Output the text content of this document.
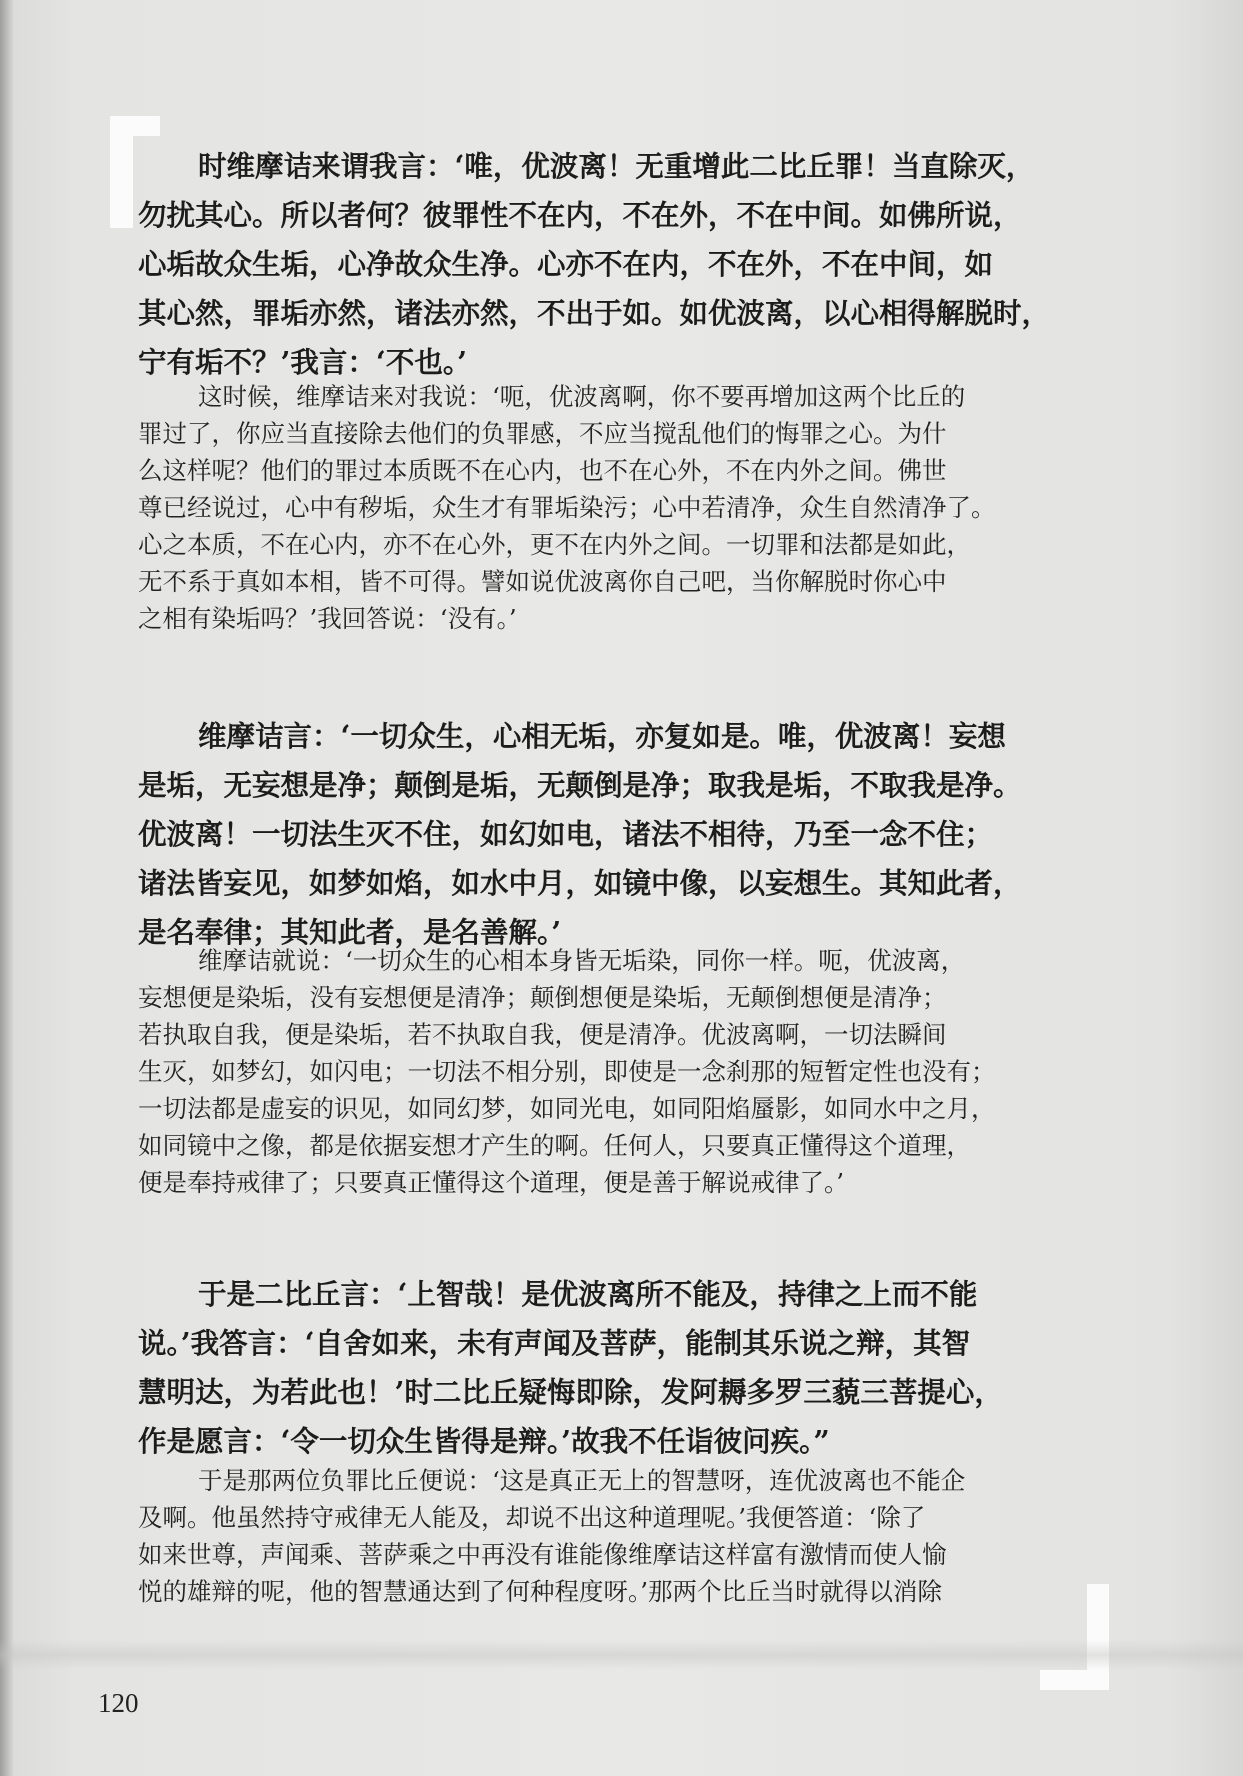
时维摩诘来谓我言：‘唯，优波离！无重增此二比丘罪！当直除灭，
勿扰其心。所以者何？彼罪性不在内，不在外，不在中间。如佛所说，
心垢故众生垢，心净故众生净。心亦不在内，不在外，不在中间，如
其心然，罪垢亦然，诸法亦然，不出于如。如优波离，以心相得解脱时，
宁有垢不？’我言：‘不也。’
这时候，维摩诘来对我说：‘呃，优波离啊，你不要再增加这两个比丘的
罪过了，你应当直接除去他们的负罪感，不应当搅乱他们的悔罪之心。为什
么这样呢？他们的罪过本质既不在心内，也不在心外，不在内外之间。佛世
尊已经说过，心中有秽垢，众生才有罪垢染污；心中若清净，众生自然清净了。
心之本质，不在心内，亦不在心外，更不在内外之间。一切罪和法都是如此，
无不系于真如本相，皆不可得。譬如说优波离你自己吧，当你解脱时你心中
之相有染垢吗？’我回答说：‘没有。’
维摩诘言：‘一切众生，心相无垢，亦复如是。唯，优波离！妄想
是垢，无妄想是净；颠倒是垢，无颠倒是净；取我是垢，不取我是净。
优波离！一切法生灭不住，如幻如电，诸法不相待，乃至一念不住；
诸法皆妄见，如梦如焰，如水中月，如镜中像，以妄想生。其知此者，
是名奉律；其知此者，是名善解。’
维摩诘就说：‘一切众生的心相本身皆无垢染，同你一样。呃，优波离，
妄想便是染垢，没有妄想便是清净；颠倒想便是染垢，无颠倒想便是清净；
若执取自我，便是染垢，若不执取自我，便是清净。优波离啊，一切法瞬间
生灭，如梦幻，如闪电；一切法不相分别，即使是一念刹那的短暂定性也没有；
一切法都是虚妄的识见，如同幻梦，如同光电，如同阳焰蜃影，如同水中之月，
如同镜中之像，都是依据妄想才产生的啊。任何人，只要真正懂得这个道理，
便是奉持戒律了；只要真正懂得这个道理，便是善于解说戒律了。’
于是二比丘言：‘上智哉！是优波离所不能及，持律之上而不能
说。’我答言：‘自舍如来，未有声闻及菩萨，能制其乐说之辩，其智
慧明达，为若此也！’时二比丘疑悔即除，发阿耨多罗三藐三菩提心，
作是愿言：‘令一切众生皆得是辩。’故我不任诣彼问疾。”
于是那两位负罪比丘便说：‘这是真正无上的智慧呀，连优波离也不能企
及啊。他虽然持守戒律无人能及，却说不出这种道理呢。’我便答道：‘除了
如来世尊，声闻乘、菩萨乘之中再没有谁能像维摩诘这样富有激情而使人愉
悦的雄辩的呢，他的智慧通达到了何种程度呀。’那两个比丘当时就得以消除
120
